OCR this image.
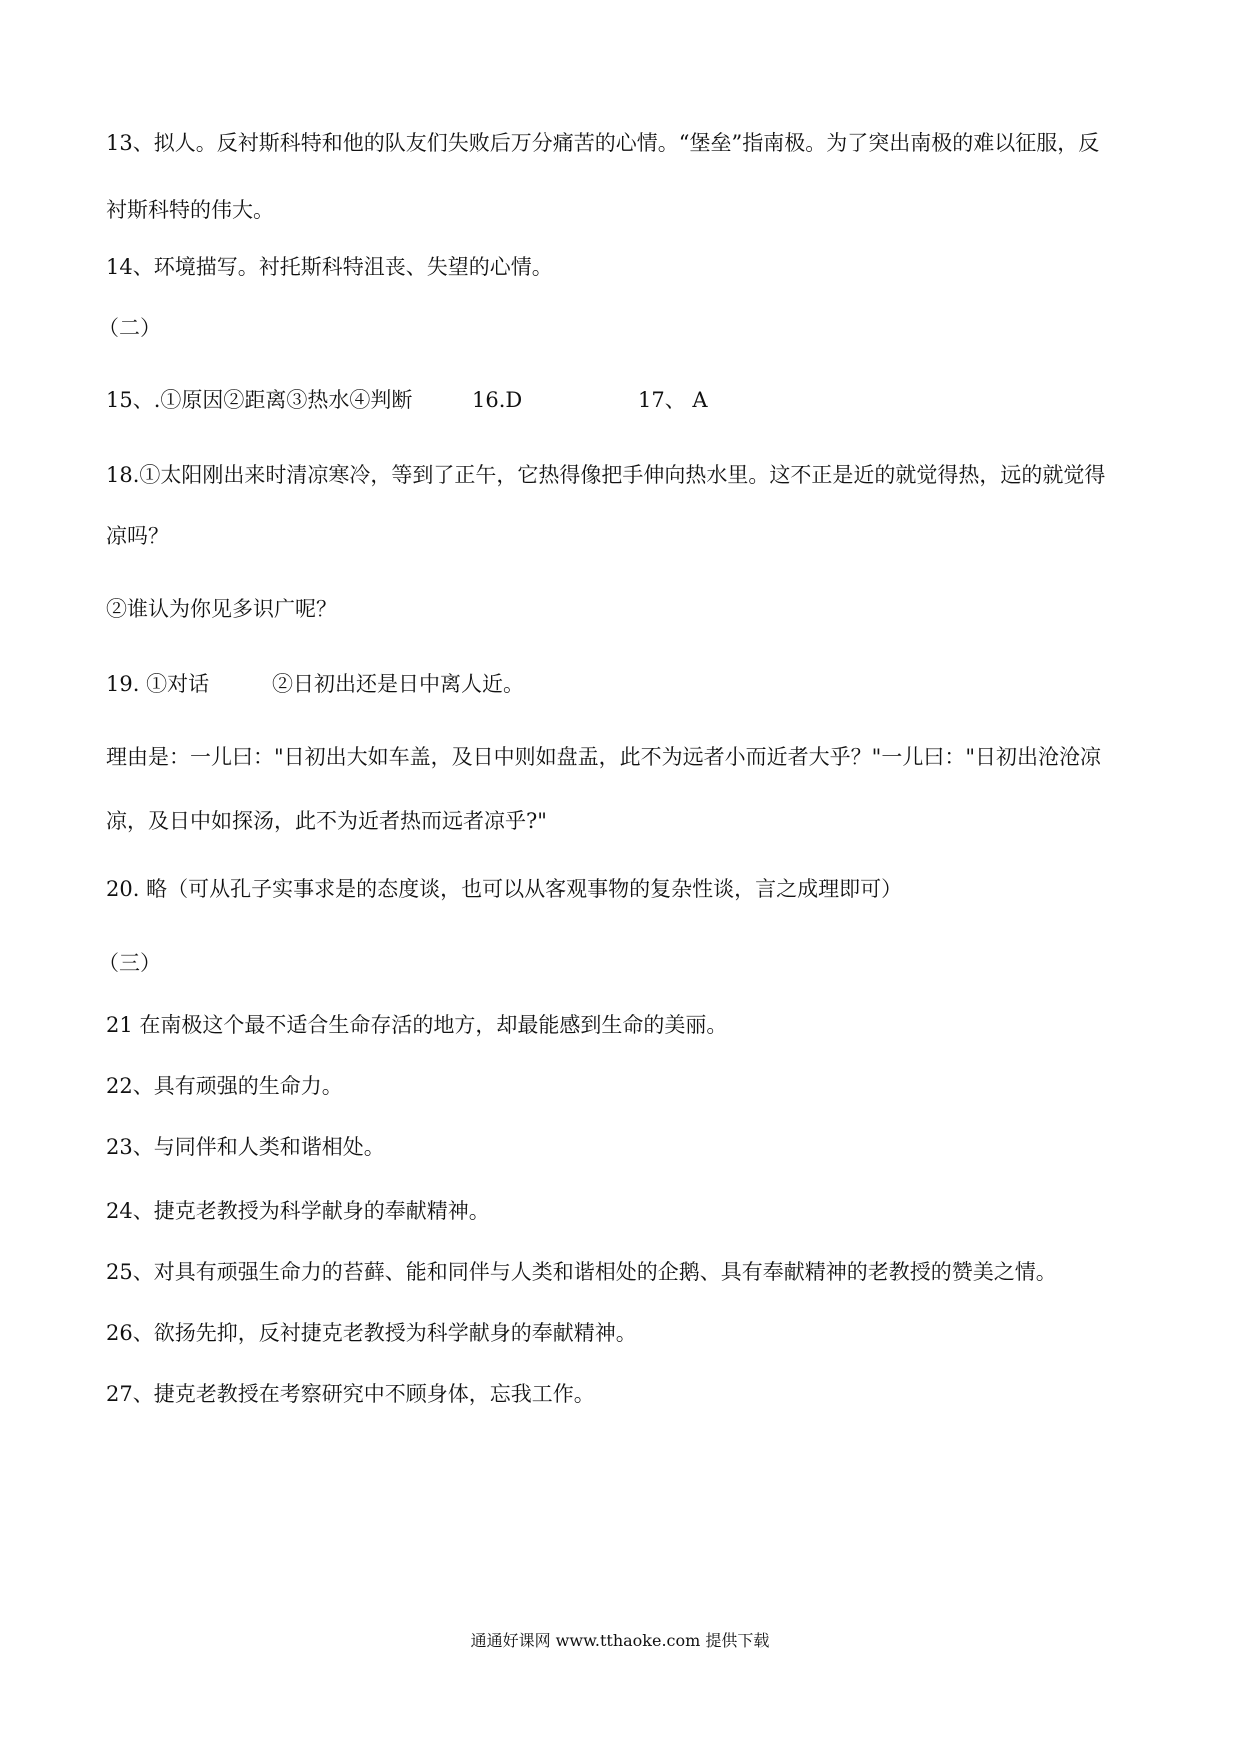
13、拟人。反衬斯科特和他的队友们失败后万分痛苦的心情。“堡垒”指南极。为了突出南极的难以征服，反
衬斯科特的伟大。
14、环境描写。衬托斯科特沮丧、失望的心情。
（二）
15、.①原因②距离③热水④判断	16.D	17、 A
18.①太阳刚出来时清凉寒冷，等到了正午，它热得像把手伸向热水里。这不正是近的就觉得热，远的就觉得
凉吗？
②谁认为你见多识广呢？
19. ①对话	②日初出还是日中离人近。
理由是：一儿曰："日初出大如车盖，及日中则如盘盂，此不为远者小而近者大乎？"一儿曰："日初出沧沧凉
凉，及日中如探汤，此不为近者热而远者凉乎?"
20. 略（可从孔子实事求是的态度谈，也可以从客观事物的复杂性谈，言之成理即可）
（三）
21 在南极这个最不适合生命存活的地方，却最能感到生命的美丽。
22、具有顽强的生命力。
23、与同伴和人类和谐相处。
24、捷克老教授为科学献身的奉献精神。
25、对具有顽强生命力的苔藓、能和同伴与人类和谐相处的企鹅、具有奉献精神的老教授的赞美之情。
26、欲扬先抑，反衬捷克老教授为科学献身的奉献精神。
27、捷克老教授在考察研究中不顾身体，忘我工作。
通通好课网 www.tthaoke.com 提供下载
